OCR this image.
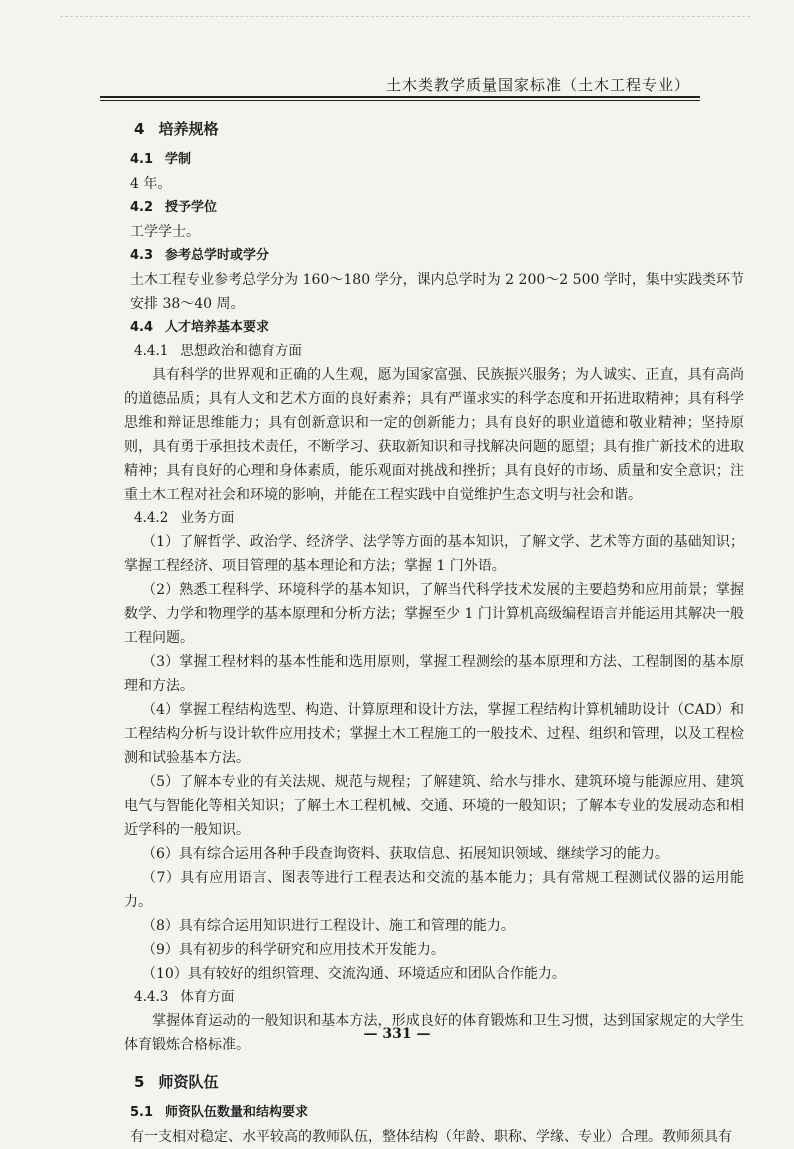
土木类教学质量国家标准（土木工程专业）
4 培养规格
4.1 学制

4 年。

4.2 授予学位

工学学士。

4.3 参考总学时或学分

土木工程专业参考总学分为 160～180 学分，课内总学时为 2 200～2 500 学时，集中实践类环节安排 38～40 周。

4.4 人才培养基本要求
4.4.1 思想政治和德育方面

具有科学的世界观和正确的人生观，愿为国家富强、民族振兴服务；为人诚实、正直，具有高尚的道德品质；具有人文和艺术方面的良好素养；具有严谨求实的科学态度和开拓进取精神；具有科学思维和辩证思维能力；具有创新意识和一定的创新能力；具有良好的职业道德和敬业精神；坚持原则，具有勇于承担技术责任，不断学习、获取新知识和寻找解决问题的愿望；具有推广新技术的进取精神；具有良好的心理和身体素质，能乐观面对挑战和挫折；具有良好的市场、质量和安全意识；注重土木工程对社会和环境的影响，并能在工程实践中自觉维护生态文明与社会和谐。

4.4.2 业务方面

（1）了解哲学、政治学、经济学、法学等方面的基本知识，了解文学、艺术等方面的基础知识；掌握工程经济、项目管理的基本理论和方法；掌握 1 门外语。

（2）熟悉工程科学、环境科学的基本知识，了解当代科学技术发展的主要趋势和应用前景；掌握数学、力学和物理学的基本原理和分析方法；掌握至少 1 门计算机高级编程语言并能运用其解决一般工程问题。

（3）掌握工程材料的基本性能和选用原则，掌握工程测绘的基本原理和方法、工程制图的基本原理和方法。

（4）掌握工程结构选型、构造、计算原理和设计方法，掌握工程结构计算机辅助设计（CAD）和工程结构分析与设计软件应用技术；掌握土木工程施工的一般技术、过程、组织和管理，以及工程检测和试验基本方法。

（5）了解本专业的有关法规、规范与规程；了解建筑、给水与排水、建筑环境与能源应用、建筑电气与智能化等相关知识；了解土木工程机械、交通、环境的一般知识；了解本专业的发展动态和相近学科的一般知识。

（6）具有综合运用各种手段查询资料、获取信息、拓展知识领域、继续学习的能力。

（7）具有应用语言、图表等进行工程表达和交流的基本能力；具有常规工程测试仪器的运用能力。

（8）具有综合运用知识进行工程设计、施工和管理的能力。

（9）具有初步的科学研究和应用技术开发能力。

（10）具有较好的组织管理、交流沟通、环境适应和团队合作能力。

4.4.3 体育方面

掌握体育运动的一般知识和基本方法，形成良好的体育锻炼和卫生习惯，达到国家规定的大学生体育锻炼合格标准。

5 师资队伍
5.1 师资队伍数量和结构要求

有一支相对稳定、水平较高的教师队伍，整体结构（年龄、职称、学缘、专业）合理。教师须具有

— 331 —
